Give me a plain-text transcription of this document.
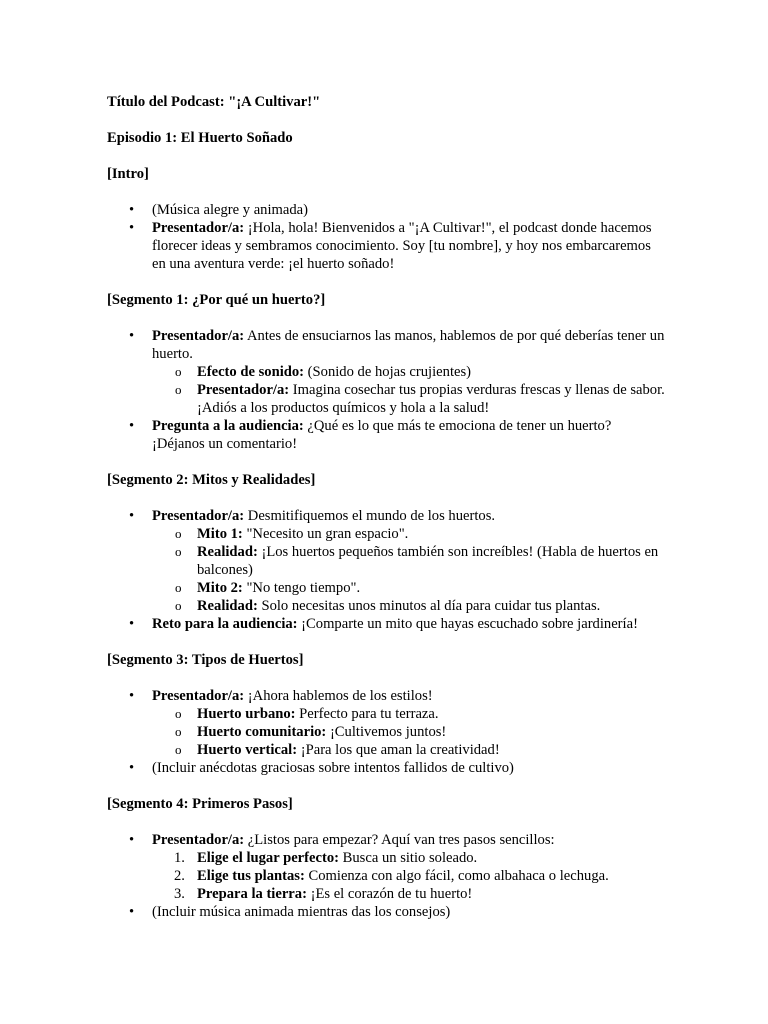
Título del Podcast: "¡A Cultivar!"

Episodio 1: El Huerto Soñado

[Intro]

• (Música alegre y animada)
• Presentador/a: ¡Hola, hola! Bienvenidos a "¡A Cultivar!", el podcast donde hacemos florecer ideas y sembramos conocimiento. Soy [tu nombre], y hoy nos embarcaremos en una aventura verde: ¡el huerto soñado!

[Segmento 1: ¿Por qué un huerto?]

• Presentador/a: Antes de ensuciarnos las manos, hablemos de por qué deberías tener un huerto.
o Efecto de sonido: (Sonido de hojas crujientes)
o Presentador/a: Imagina cosechar tus propias verduras frescas y llenas de sabor. ¡Adiós a los productos químicos y hola a la salud!
• Pregunta a la audiencia: ¿Qué es lo que más te emociona de tener un huerto? ¡Déjanos un comentario!

[Segmento 2: Mitos y Realidades]

• Presentador/a: Desmitifiquemos el mundo de los huertos.
o Mito 1: "Necesito un gran espacio".
o Realidad: ¡Los huertos pequeños también son increíbles! (Habla de huertos en balcones)
o Mito 2: "No tengo tiempo".
o Realidad: Solo necesitas unos minutos al día para cuidar tus plantas.
• Reto para la audiencia: ¡Comparte un mito que hayas escuchado sobre jardinería!

[Segmento 3: Tipos de Huertos]

• Presentador/a: ¡Ahora hablemos de los estilos!
o Huerto urbano: Perfecto para tu terraza.
o Huerto comunitario: ¡Cultivemos juntos!
o Huerto vertical: ¡Para los que aman la creatividad!
• (Incluir anécdotas graciosas sobre intentos fallidos de cultivo)

[Segmento 4: Primeros Pasos]

• Presentador/a: ¿Listos para empezar? Aquí van tres pasos sencillos:
1. Elige el lugar perfecto: Busca un sitio soleado.
2. Elige tus plantas: Comienza con algo fácil, como albahaca o lechuga.
3. Prepara la tierra: ¡Es el corazón de tu huerto!
• (Incluir música animada mientras das los consejos)
